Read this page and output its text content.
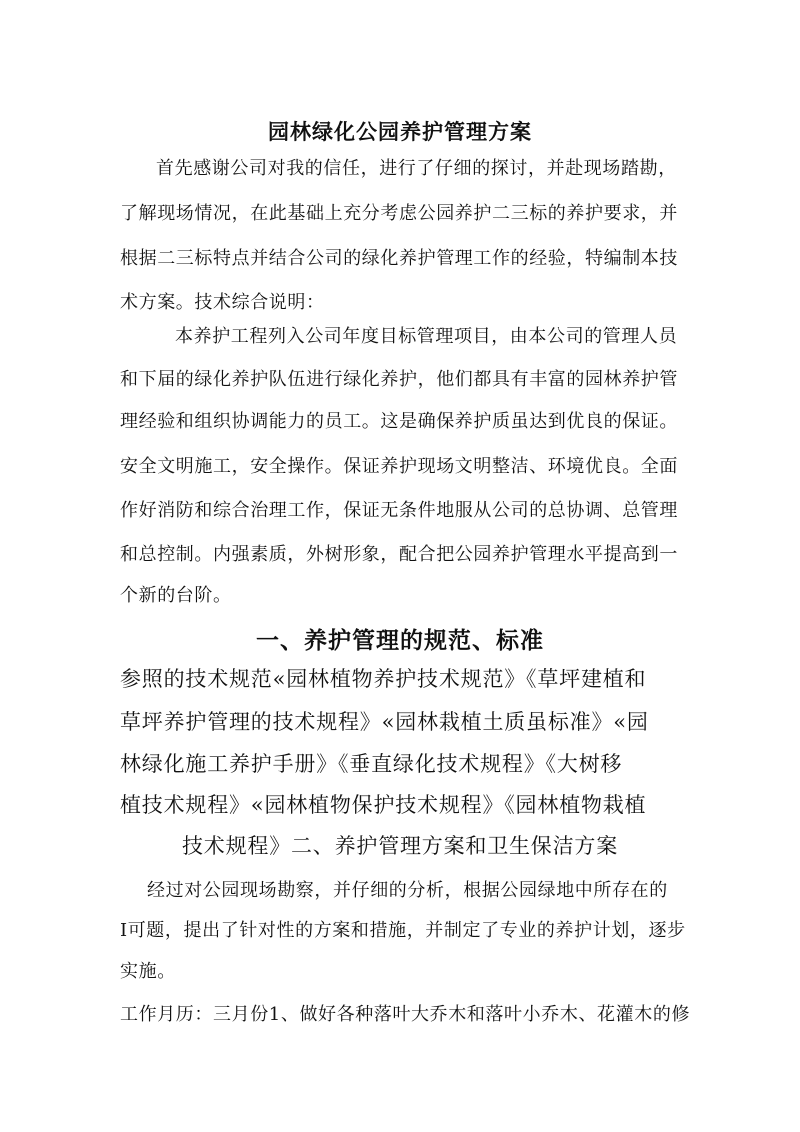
园林绿化公园养护管理方案

首先感谢公司对我的信任，进行了仔细的探讨，并赴现场踏勘，

了解现场情况，在此基础上充分考虑公园养护二三标的养护要求，并

根据二三标特点并结合公司的绿化养护管理工作的经验，特编制本技

术方案。技术综合说明：

本养护工程列入公司年度目标管理项目，由本公司的管理人员

和下届的绿化养护队伍进行绿化养护，他们都具有丰富的园林养护管

理经验和组织协调能力的员工。这是确保养护质虽达到优良的保证。

安全文明施工，安全操作。保证养护现场文明整洁、环境优良。全面

作好消防和综合治理工作，保证无条件地服从公司的总协调、总管理

和总控制。内强素质，外树形象，配合把公园养护管理水平提高到一

个新的台阶。

一、养护管理的规范、标准

参照的技术规范«园林植物养护技术规范》《草坪建植和

草坪养护管理的技术规程》«园林栽植土质虽标准》«园

林绿化施工养护手册》《垂直绿化技术规程》《大树移

植技术规程》«园林植物保护技术规程》《园林植物栽植

技术规程》二、养护管理方案和卫生保洁方案

经过对公园现场勘察，并仔细的分析，根据公园绿地中所存在的

I可题，提出了针对性的方案和措施，并制定了专业的养护计划，逐步

实施。

工作月历：三月份1、做好各种落叶大乔木和落叶小乔木、花灌木的修
